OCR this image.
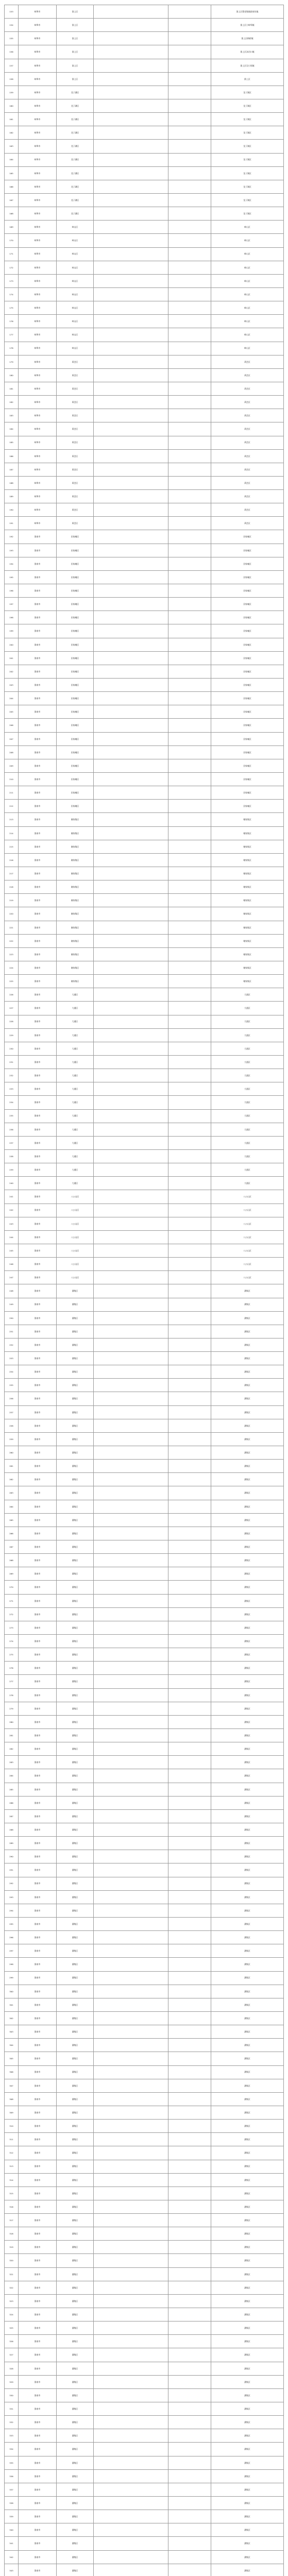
153	蚌埠市	淮上区	淮上区曹老集镇政府驻地
154	蚌埠市	淮上区	淮上区小蚌埠镇
155	蚌埠市	淮上区	淮上区梅桥镇
156	蚌埠市	淮上区	淮上区沫河口镇
157	蚌埠市	淮上区	淮上区吴小街镇
158	蚌埠市	淮上区	淮上区
159	蚌埠市	龙子湖区	龙子湖区
160	蚌埠市	龙子湖区	龙子湖区
161	蚌埠市	龙子湖区	龙子湖区
162	蚌埠市	龙子湖区	龙子湖区
163	蚌埠市	龙子湖区	龙子湖区
164	蚌埠市	龙子湖区	龙子湖区
165	蚌埠市	龙子湖区	龙子湖区
166	蚌埠市	龙子湖区	龙子湖区
167	蚌埠市	龙子湖区	龙子湖区
168	蚌埠市	龙子湖区	龙子湖区
169	蚌埠市	蚌山区	蚌山区
170	蚌埠市	蚌山区	蚌山区
171	蚌埠市	蚌山区	蚌山区
172	蚌埠市	蚌山区	蚌山区
173	蚌埠市	蚌山区	蚌山区
174	蚌埠市	蚌山区	蚌山区
175	蚌埠市	蚌山区	蚌山区
176	蚌埠市	蚌山区	蚌山区
177	蚌埠市	蚌山区	蚌山区
178	蚌埠市	蚌山区	蚌山区
179	蚌埠市	禹会区	禹会区
180	蚌埠市	禹会区	禹会区
181	蚌埠市	禹会区	禹会区
182	蚌埠市	禹会区	禹会区
183	蚌埠市	禹会区	禹会区
184	蚌埠市	禹会区	禹会区
185	蚌埠市	禹会区	禹会区
186	蚌埠市	禹会区	禹会区
187	蚌埠市	禹会区	禹会区
188	蚌埠市	禹会区	禹会区
189	蚌埠市	禹会区	禹会区
190	蚌埠市	禹会区	禹会区
191	蚌埠市	禹会区	禹会区
192	淮南市	田家庵区	田家庵区
193	淮南市	田家庵区	田家庵区
194	淮南市	田家庵区	田家庵区
195	淮南市	田家庵区	田家庵区
196	淮南市	田家庵区	田家庵区
197	淮南市	田家庵区	田家庵区
198	淮南市	田家庵区	田家庵区
199	淮南市	田家庵区	田家庵区
200	淮南市	田家庵区	田家庵区
201	淮南市	田家庵区	田家庵区
202	淮南市	田家庵区	田家庵区
203	淮南市	田家庵区	田家庵区
204	淮南市	田家庵区	田家庵区
205	淮南市	田家庵区	田家庵区
206	淮南市	田家庵区	田家庵区
207	淮南市	田家庵区	田家庵区
208	淮南市	田家庵区	田家庵区
209	淮南市	田家庵区	田家庵区
210	淮南市	田家庵区	田家庵区
211	淮南市	田家庵区	田家庵区
212	淮南市	田家庵区	田家庵区
213	淮南市	谢家集区	谢家集区
214	淮南市	谢家集区	谢家集区
215	淮南市	谢家集区	谢家集区
216	淮南市	谢家集区	谢家集区
217	淮南市	谢家集区	谢家集区
218	淮南市	谢家集区	谢家集区
219	淮南市	谢家集区	谢家集区
220	淮南市	谢家集区	谢家集区
221	淮南市	谢家集区	谢家集区
222	淮南市	谢家集区	谢家集区
223	淮南市	谢家集区	谢家集区
224	淮南市	谢家集区	谢家集区
225	淮南市	谢家集区	谢家集区
226	淮南市	大通区	大通区
227	淮南市	大通区	大通区
228	淮南市	大通区	大通区
229	淮南市	大通区	大通区
230	淮南市	大通区	大通区
231	淮南市	大通区	大通区
232	淮南市	大通区	大通区
233	淮南市	大通区	大通区
234	淮南市	大通区	大通区
235	淮南市	大通区	大通区
236	淮南市	大通区	大通区
237	淮南市	大通区	大通区
238	淮南市	大通区	大通区
239	淮南市	大通区	大通区
240	淮南市	大通区	大通区
241	淮南市	八公山区	八公山区
242	淮南市	八公山区	八公山区
243	淮南市	八公山区	八公山区
244	淮南市	八公山区	八公山区
245	淮南市	八公山区	八公山区
246	淮南市	八公山区	八公山区
247	淮南市	八公山区	八公山区
248	淮南市	潘集区	潘集区
249	淮南市	潘集区	潘集区
250	淮南市	潘集区	潘集区
251	淮南市	潘集区	潘集区
252	淮南市	潘集区	潘集区
253	淮南市	潘集区	潘集区
254	淮南市	潘集区	潘集区
255	淮南市	潘集区	潘集区
256	淮南市	潘集区	潘集区
257	淮南市	潘集区	潘集区
258	淮南市	潘集区	潘集区
259	淮南市	潘集区	潘集区
260	淮南市	潘集区	潘集区
261	淮南市	潘集区	潘集区
262	淮南市	潘集区	潘集区
263	淮南市	潘集区	潘集区
264	淮南市	潘集区	潘集区
265	淮南市	潘集区	潘集区
266	淮南市	潘集区	潘集区
267	淮南市	潘集区	潘集区
268	淮南市	潘集区	潘集区
269	淮南市	潘集区	潘集区
270	淮南市	潘集区	潘集区
271	淮南市	潘集区	潘集区
272	淮南市	潘集区	潘集区
273	淮南市	潘集区	潘集区
274	淮南市	潘集区	潘集区
275	淮南市	潘集区	潘集区
276	淮南市	潘集区	潘集区
277	淮南市	潘集区	潘集区
278	淮南市	潘集区	潘集区
279	淮南市	潘集区	潘集区
280	淮南市	潘集区	潘集区
281	淮南市	潘集区	潘集区
282	淮南市	潘集区	潘集区
283	淮南市	潘集区	潘集区
284	淮南市	潘集区	潘集区
285	淮南市	潘集区	潘集区
286	淮南市	潘集区	潘集区
287	淮南市	潘集区	潘集区
288	淮南市	潘集区	潘集区
289	淮南市	潘集区	潘集区
290	淮南市	潘集区	潘集区
291	淮南市	潘集区	潘集区
292	淮南市	潘集区	潘集区
293	淮南市	潘集区	潘集区
294	淮南市	潘集区	潘集区
295	淮南市	潘集区	潘集区
296	淮南市	潘集区	潘集区
297	淮南市	潘集区	潘集区
298	淮南市	潘集区	潘集区
299	淮南市	潘集区	潘集区
300	淮南市	潘集区	潘集区
301	淮南市	潘集区	潘集区
302	淮南市	潘集区	潘集区
303	淮南市	潘集区	潘集区
304	淮南市	潘集区	潘集区
305	淮南市	潘集区	潘集区
306	淮南市	潘集区	潘集区
307	淮南市	潘集区	潘集区
308	淮南市	潘集区	潘集区
309	淮南市	潘集区	潘集区
310	淮南市	潘集区	潘集区
311	淮南市	潘集区	潘集区
312	淮南市	潘集区	潘集区
313	淮南市	潘集区	潘集区
314	淮南市	潘集区	潘集区
315	淮南市	潘集区	潘集区
316	淮南市	潘集区	潘集区
317	淮南市	潘集区	潘集区
318	淮南市	潘集区	潘集区
319	淮南市	潘集区	潘集区
320	淮南市	潘集区	潘集区
321	淮南市	潘集区	潘集区
322	淮南市	潘集区	潘集区
323	淮南市	潘集区	潘集区
324	淮南市	潘集区	潘集区
325	淮南市	潘集区	潘集区
326	淮南市	潘集区	潘集区
327	淮南市	潘集区	潘集区
328	淮南市	潘集区	潘集区
329	淮南市	潘集区	潘集区
330	淮南市	潘集区	潘集区
331	淮南市	潘集区	潘集区
332	淮南市	潘集区	潘集区
333	淮南市	潘集区	潘集区
334	淮南市	潘集区	潘集区
335	淮南市	潘集区	潘集区
336	淮南市	潘集区	潘集区
337	淮南市	潘集区	潘集区
338	淮南市	潘集区	潘集区
339	淮南市	潘集区	潘集区
340	淮南市	潘集区	潘集区
341	淮南市	潘集区	潘集区
342	淮南市	潘集区	潘集区
343	淮南市	潘集区	潘集区
